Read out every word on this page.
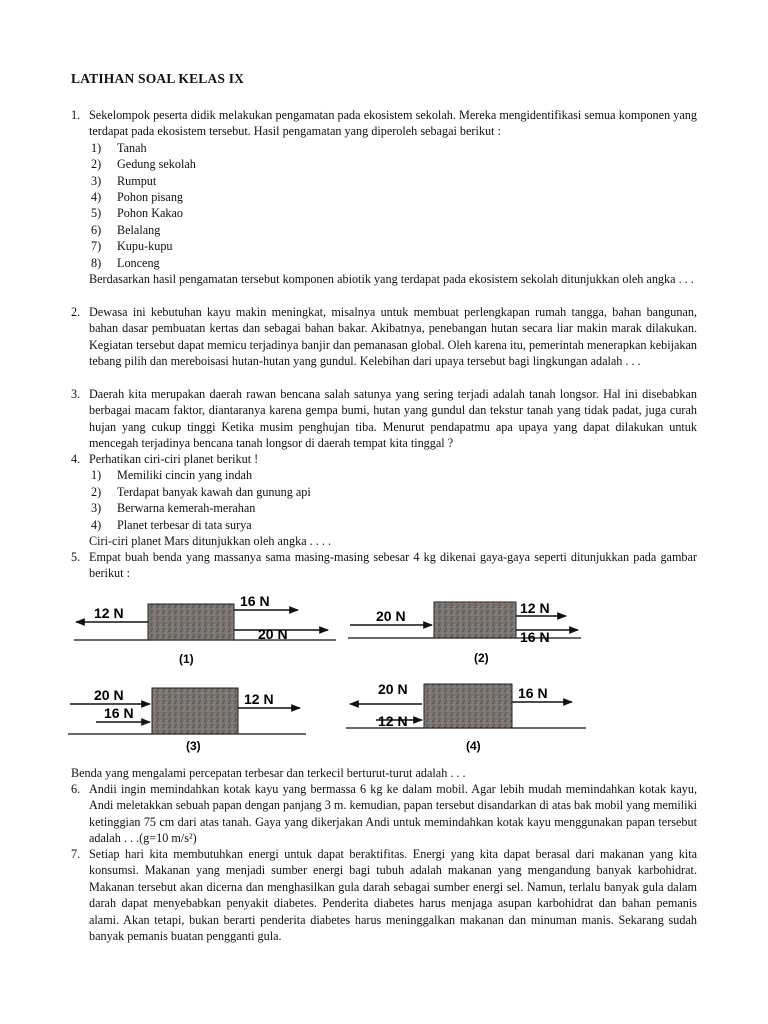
LATIHAN SOAL KELAS IX
1. Sekelompok peserta didik melakukan pengamatan pada ekosistem sekolah. Mereka mengidentifikasi semua komponen yang terdapat pada ekosistem tersebut. Hasil pengamatan yang diperoleh sebagai berikut :
1) Tanah
2) Gedung sekolah
3) Rumput
4) Pohon pisang
5) Pohon Kakao
6) Belalang
7) Kupu-kupu
8) Lonceng
Berdasarkan hasil pengamatan tersebut komponen abiotik yang terdapat pada ekosistem sekolah ditunjukkan oleh angka . . .
2. Dewasa ini kebutuhan kayu makin meningkat, misalnya untuk membuat perlengkapan rumah tangga, bahan bangunan, bahan dasar pembuatan kertas dan sebagai bahan bakar. Akibatnya, penebangan hutan secara liar makin marak dilakukan. Kegiatan tersebut dapat memicu terjadinya banjir dan pemanasan global. Oleh karena itu, pemerintah menerapkan kebijakan tebang pilih dan mereboisasi hutan-hutan yang gundul. Kelebihan dari upaya tersebut bagi lingkungan adalah . . .
3. Daerah kita merupakan daerah rawan bencana salah satunya yang sering terjadi adalah tanah longsor. Hal ini disebabkan berbagai macam faktor, diantaranya karena gempa bumi, hutan yang gundul dan tekstur tanah yang tidak padat, juga curah hujan yang cukup tinggi Ketika musim penghujan tiba. Menurut pendapatmu apa upaya yang dapat dilakukan untuk mencegah terjadinya bencana tanah longsor di daerah tempat kita tinggal ?
4. Perhatikan ciri-ciri planet berikut !
1) Memiliki cincin yang indah
2) Terdapat banyak kawah dan gunung api
3) Berwarna kemerah-merahan
4) Planet terbesar di tata surya
Ciri-ciri planet Mars ditunjukkan oleh angka . . . .
5. Empat buah benda yang massanya sama masing-masing sebesar 4 kg dikenai gaya-gaya seperti ditunjukkan pada gambar berikut :
12 N
16 N
20 N
(1)
20 N	12 N
16 N
(2)
20 N
16 N
12 N
(3)
20 N
12 N
16 N
(4)
Benda yang mengalami percepatan terbesar dan terkecil berturut-turut adalah . . .
6. Andii ingin memindahkan kotak kayu yang bermassa 6 kg ke dalam mobil. Agar lebih mudah memindahkan kotak kayu, Andi meletakkan sebuah papan dengan panjang 3 m. kemudian, papan tersebut disandarkan di atas bak mobil yang memiliki ketinggian 75 cm dari atas tanah. Gaya yang dikerjakan Andi untuk memindahkan kotak kayu menggunakan papan tersebut adalah . . .(g=10 m/s²)
7. Setiap hari kita membutuhkan energi untuk dapat beraktifitas. Energi yang kita dapat berasal dari makanan yang kita konsumsi. Makanan yang menjadi sumber energi bagi tubuh adalah makanan yang mengandung banyak karbohidrat. Makanan tersebut akan dicerna dan menghasilkan gula darah sebagai sumber energi sel. Namun, terlalu banyak gula dalam darah dapat menyebabkan penyakit diabetes. Penderita diabetes harus menjaga asupan karbohidrat dan bahan pemanis alami. Akan tetapi, bukan berarti penderita diabetes harus meninggalkan makanan dan minuman manis. Sekarang sudah banyak pemanis buatan pengganti gula.
